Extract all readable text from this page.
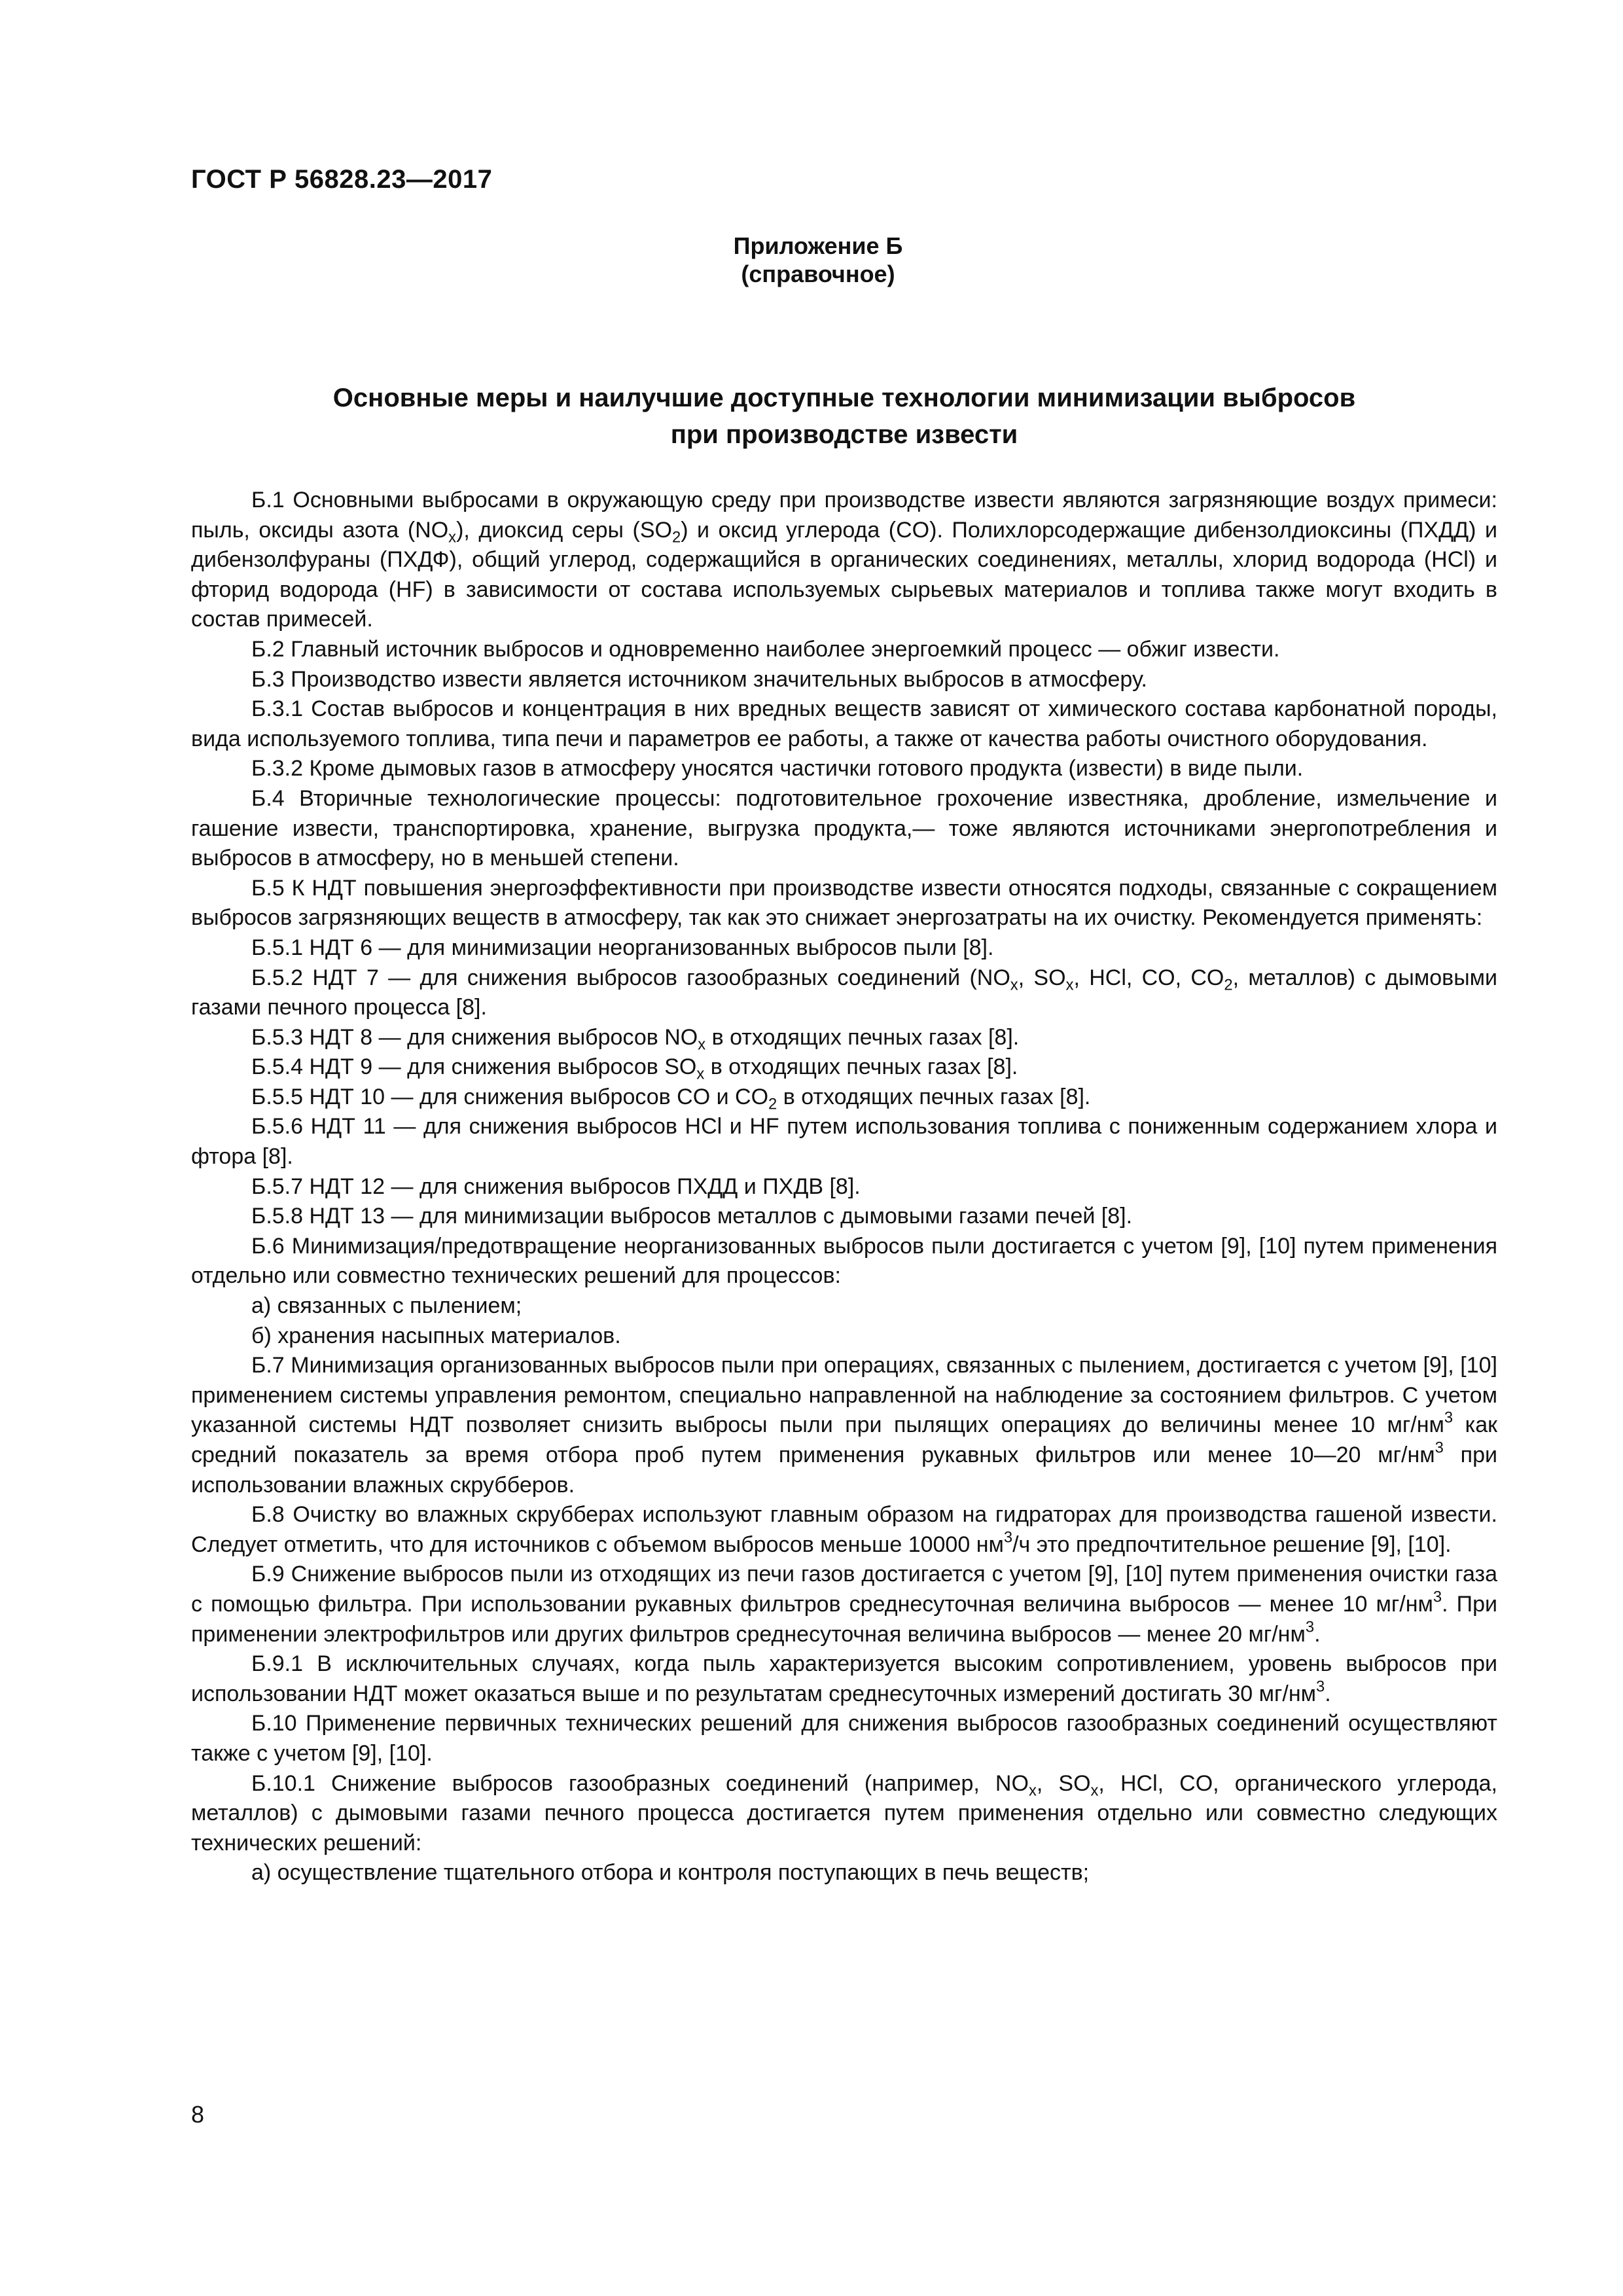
ГОСТ Р 56828.23—2017
Приложение Б
(справочное)
Основные меры и наилучшие доступные технологии минимизации выбросов
при производстве извести

Б.1 Основными выбросами в окружающую среду при производстве извести являются загрязняющие воздух примеси: пыль, оксиды азота $(NO_x)$, диоксид серы $(SO_2)$ и оксид углерода (CO). Полихлорсодержащие дибензолдиоксины (ПХДД) и дибензолфураны (ПХДФ), общий углерод, содержащийся в органических соединениях, металлы, хлорид водорода (HCl) и фторид водорода (HF) в зависимости от состава используемых сырьевых материалов и топлива также могут входить в состав примесей.

Б.2 Главный источник выбросов и одновременно наиболее энергоемкий процесс — обжиг извести.

Б.3 Производство извести является источником значительных выбросов в атмосферу.

Б.3.1 Состав выбросов и концентрация в них вредных веществ зависят от химического состава карбонатной породы, вида используемого топлива, типа печи и параметров ее работы, а также от качества работы очистного оборудования.

Б.3.2 Кроме дымовых газов в атмосферу уносятся частички готового продукта (извести) в виде пыли.

Б.4 Вторичные технологические процессы: подготовительное грохочение известняка, дробление, измельчение и гашение извести, транспортировка, хранение, выгрузка продукта,— тоже являются источниками энергопотребления и выбросов в атмосферу, но в меньшей степени.

Б.5 К НДТ повышения энергоэффективности при производстве извести относятся подходы, связанные с сокращением выбросов загрязняющих веществ в атмосферу, так как это снижает энергозатраты на их очистку. Рекомендуется применять:

Б.5.1 НДТ 6 — для минимизации неорганизованных выбросов пыли [8].

Б.5.2 НДТ 7 — для снижения выбросов газообразных соединений ($NO_x$, $SO_x$, HCl, CO, $CO_2$, металлов) с дымовыми газами печного процесса [8].

Б.5.3 НДТ 8 — для снижения выбросов $NO_x$ в отходящих печных газах [8].

Б.5.4 НДТ 9 — для снижения выбросов $SO_x$ в отходящих печных газах [8].

Б.5.5 НДТ 10 — для снижения выбросов CO и $CO_2$ в отходящих печных газах [8].

Б.5.6 НДТ 11 — для снижения выбросов HCl и HF путем использования топлива с пониженным содержанием хлора и фтора [8].

Б.5.7 НДТ 12 — для снижения выбросов ПХДД и ПХДВ [8].

Б.5.8 НДТ 13 — для минимизации выбросов металлов с дымовыми газами печей [8].

Б.6 Минимизация/предотвращение неорганизованных выбросов пыли достигается с учетом [9], [10] путем применения отдельно или совместно технических решений для процессов:

а) связанных с пылением;

б) хранения насыпных материалов.

Б.7 Минимизация организованных выбросов пыли при операциях, связанных с пылением, достигается с учетом [9], [10] применением системы управления ремонтом, специально направленной на наблюдение за состоянием фильтров. С учетом указанной системы НДТ позволяет снизить выбросы пыли при пылящих операциях до величины менее 10 $мг/нм^3$ как средний показатель за время отбора проб путем применения рукавных фильтров или менее 10—20 $мг/нм^3$ при использовании влажных скрубберов.

Б.8 Очистку во влажных скрубберах используют главным образом на гидраторах для производства гашеной извести. Следует отметить, что для источников с объемом выбросов меньше 10000 $нм^3/ч$ это предпочтительное решение [9], [10].

Б.9 Снижение выбросов пыли из отходящих из печи газов достигается с учетом [9], [10] путем применения очистки газа с помощью фильтра. При использовании рукавных фильтров среднесуточная величина выбросов — менее 10 $мг/нм^3$. При применении электрофильтров или других фильтров среднесуточная величина выбросов — менее 20 $мг/нм^3$.

Б.9.1 В исключительных случаях, когда пыль характеризуется высоким сопротивлением, уровень выбросов при использовании НДТ может оказаться выше и по результатам среднесуточных измерений достигать 30 $мг/нм^3$.

Б.10 Применение первичных технических решений для снижения выбросов газообразных соединений осуществляют также с учетом [9], [10].

Б.10.1 Снижение выбросов газообразных соединений (например, $NO_x$, $SO_x$, HCl, CO, органического углерода, металлов) с дымовыми газами печного процесса достигается путем применения отдельно или совместно следующих технических решений:

а) осуществление тщательного отбора и контроля поступающих в печь веществ;

8
